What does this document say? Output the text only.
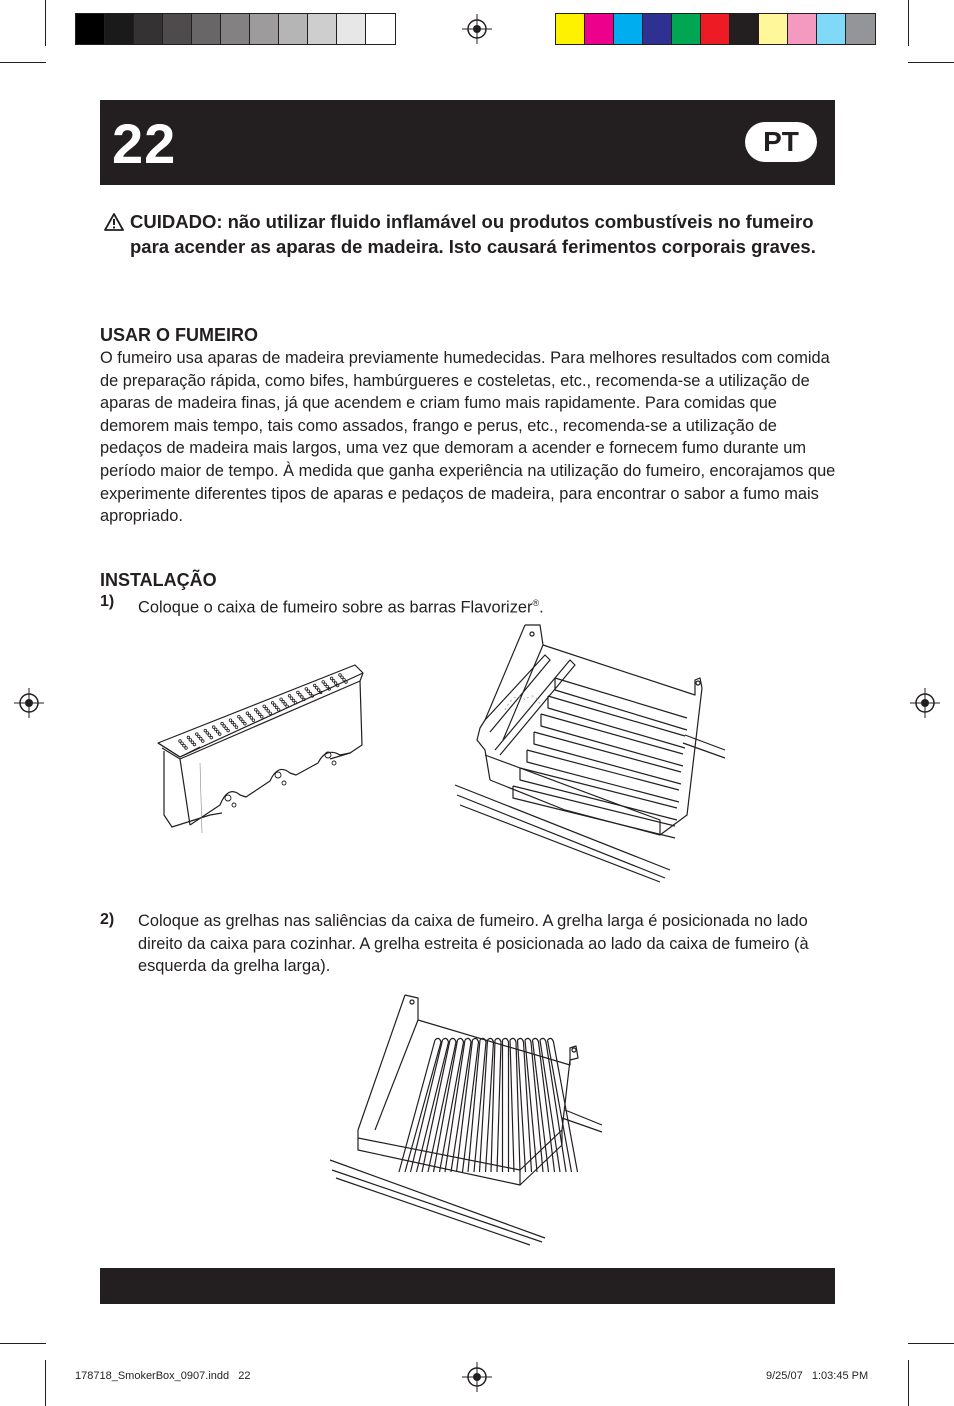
22	PT
CUIDADO: não utilizar fluido inflamável ou produtos combustíveis no fumeiro para acender as aparas de madeira. Isto causará ferimentos corporais graves.
USAR O FUMEIRO

O fumeiro usa aparas de madeira previamente humedecidas. Para melhores resultados com comida de preparação rápida, como bifes, hambúrgueres e costeletas, etc., recomenda-se a utilização de aparas de madeira finas, já que acendem e criam fumo mais rapidamente. Para comidas que demorem mais tempo, tais como assados, frango e perus, etc., recomenda-se a utilização de pedaços de madeira mais largos, uma vez que demoram a acender e fornecem fumo durante um período maior de tempo. À medida que ganha experiência na utilização do fumeiro, encorajamos que experimente diferentes tipos de aparas e pedaços de madeira, para encontrar o sabor a fumo mais apropriado.

INSTALAÇÃO
1) Coloque o caixa de fumeiro sobre as barras Flavorizer®.
2) Coloque as grelhas nas saliências da caixa de fumeiro. A grelha larga é posicionada no lado direito da caixa para cozinhar. A grelha estreita é posicionada ao lado da caixa de fumeiro (à esquerda da grelha larga).
178718_SmokerBox_0907.indd   22	9/25/07   1:03:45 PM
